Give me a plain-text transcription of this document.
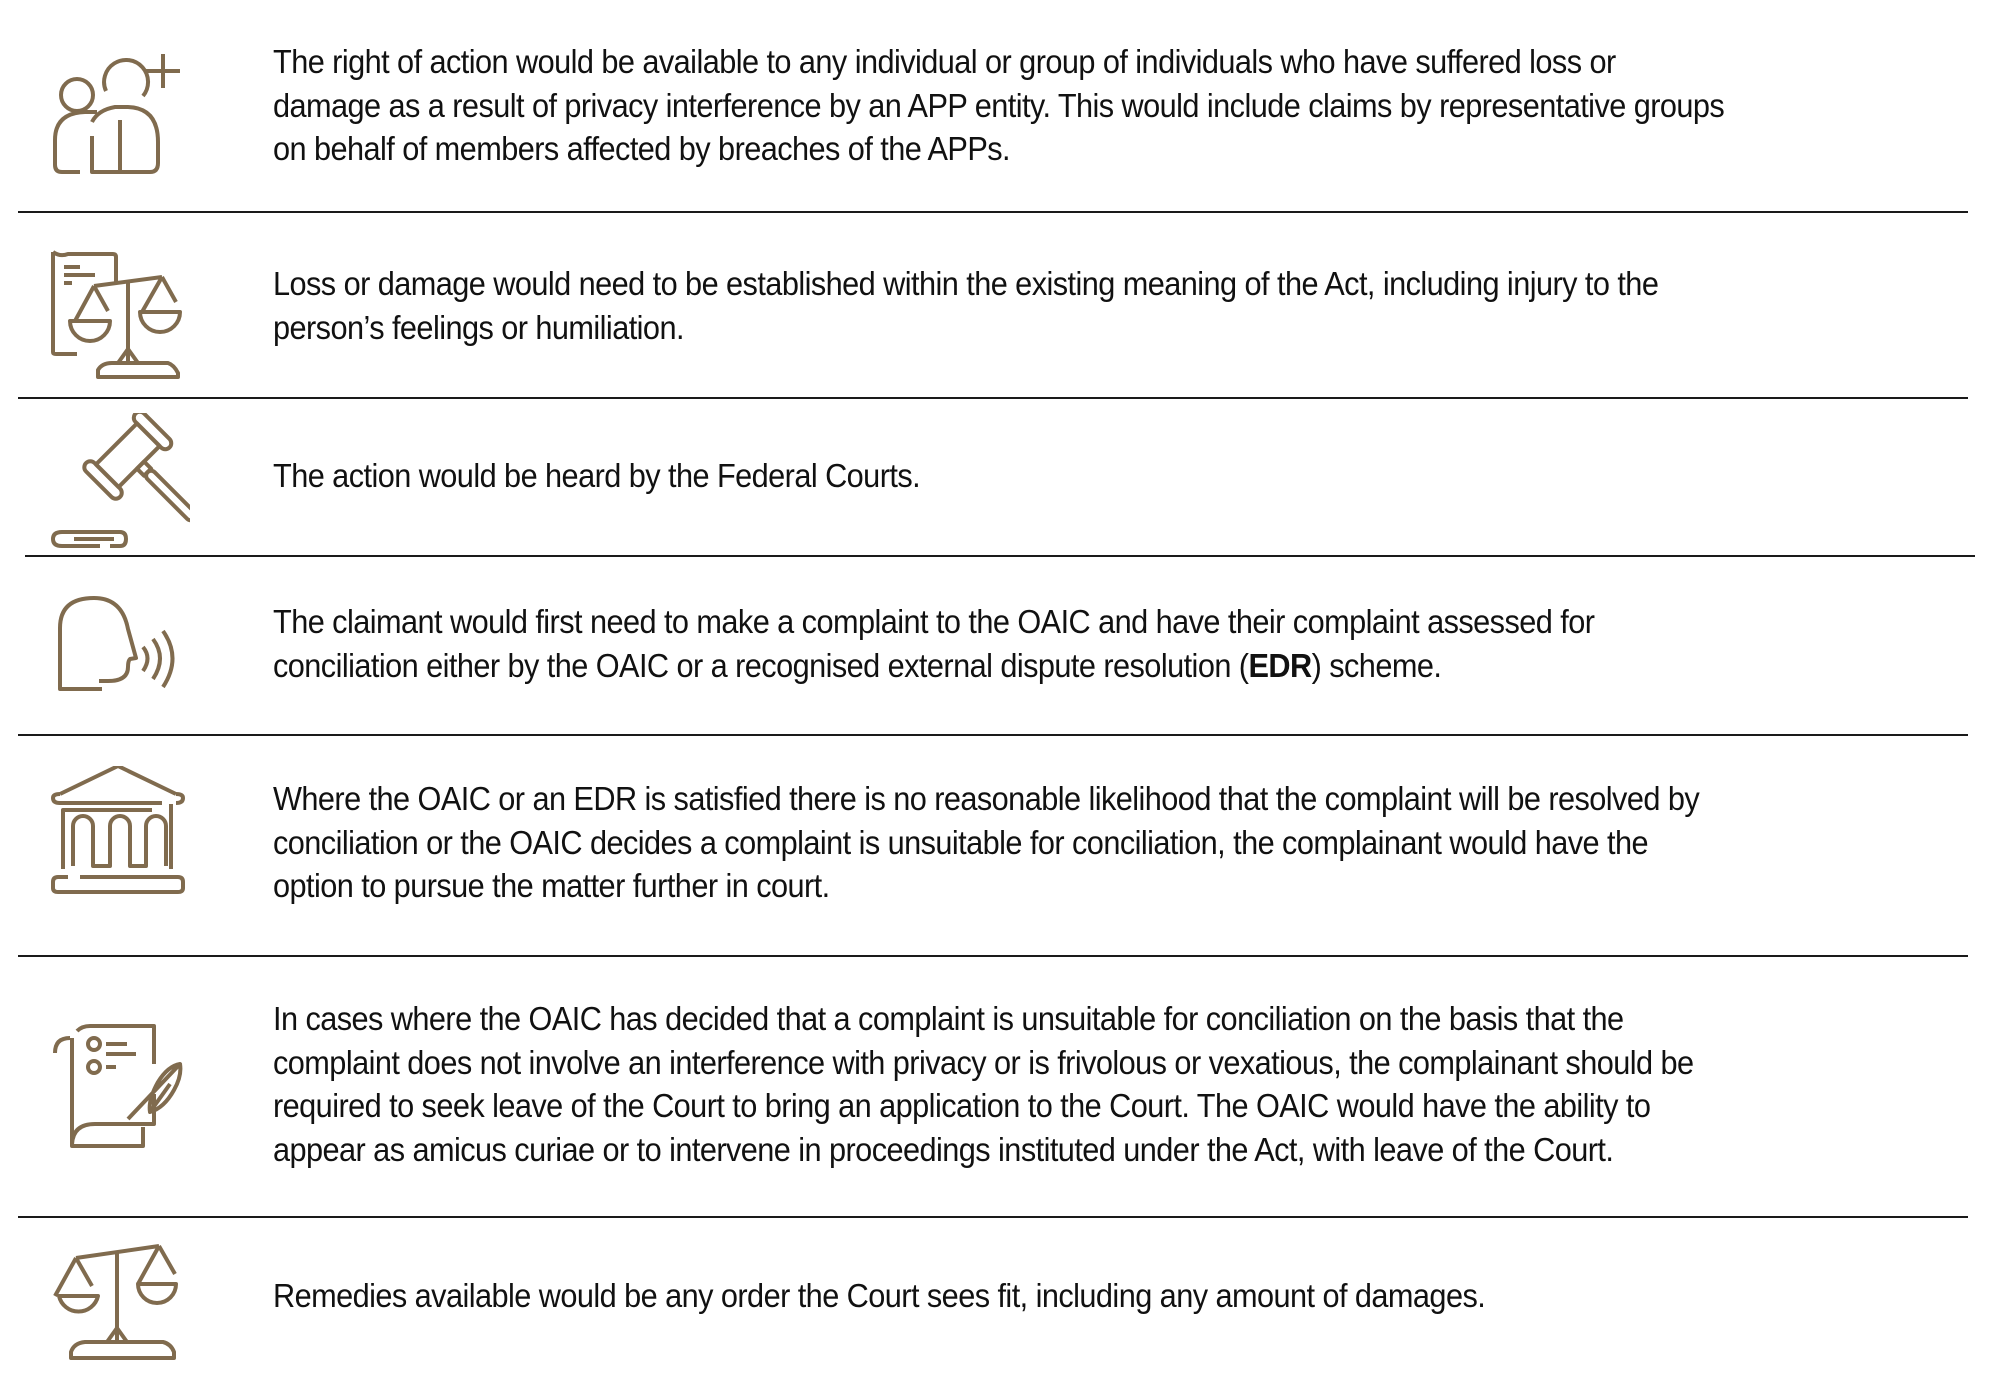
The right of action would be available to any individual or group of individuals who have suffered loss or
damage as a result of privacy interference by an APP entity. This would include claims by representative groups
on behalf of members affected by breaches of the APPs.
Loss or damage would need to be established within the existing meaning of the Act, including injury to the
person’s feelings or humiliation.
The action would be heard by the Federal Courts.
The claimant would first need to make a complaint to the OAIC and have their complaint assessed for
conciliation either by the OAIC or a recognised external dispute resolution (EDR) scheme.
Where the OAIC or an EDR is satisfied there is no reasonable likelihood that the complaint will be resolved by
conciliation or the OAIC decides a complaint is unsuitable for conciliation, the complainant would have the
option to pursue the matter further in court.
In cases where the OAIC has decided that a complaint is unsuitable for conciliation on the basis that the
complaint does not involve an interference with privacy or is frivolous or vexatious, the complainant should be
required to seek leave of the Court to bring an application to the Court. The OAIC would have the ability to
appear as amicus curiae or to intervene in proceedings instituted under the Act, with leave of the Court.
Remedies available would be any order the Court sees fit, including any amount of damages.
